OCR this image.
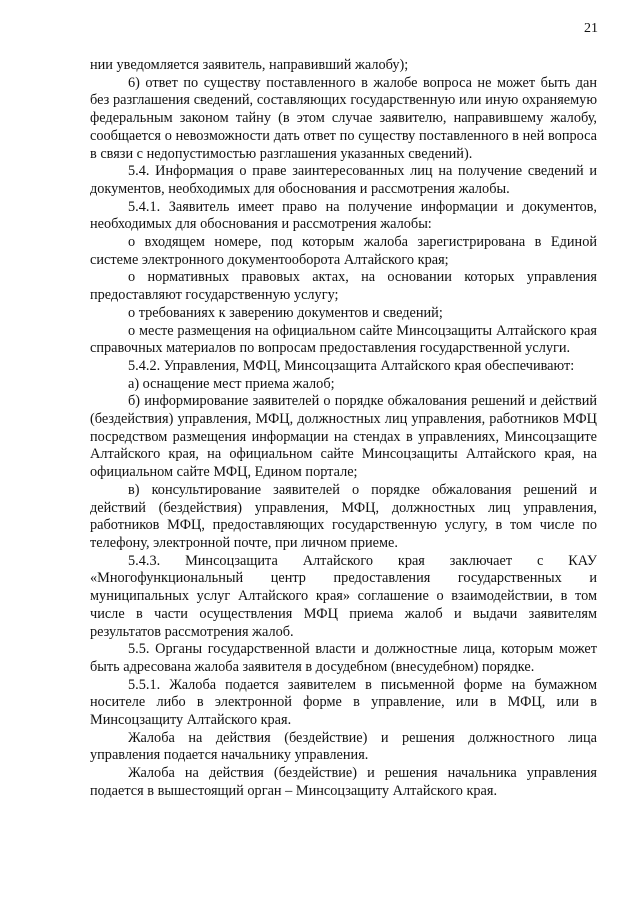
21

нии уведомляется заявитель, направивший жалобу);

6) ответ по существу поставленного в жалобе вопроса не может быть дан без разглашения сведений, составляющих государственную или иную охраняемую федеральным законом тайну (в этом случае заявителю, направившему жалобу, сообщается о невозможности дать ответ по существу поставленного в ней вопроса в связи с недопустимостью разглашения указанных сведений).

5.4. Информация о праве заинтересованных лиц на получение сведений и документов, необходимых для обоснования и рассмотрения жалобы.

5.4.1. Заявитель имеет право на получение информации и документов, необходимых для обоснования и рассмотрения жалобы:

о входящем номере, под которым жалоба зарегистрирована в Единой системе электронного документооборота Алтайского края;

о нормативных правовых актах, на основании которых управления предоставляют государственную услугу;

о требованиях к заверению документов и сведений;

о месте размещения на официальном сайте Минсоцзащиты Алтайского края справочных материалов по вопросам предоставления государственной услуги.

5.4.2. Управления, МФЦ, Минсоцзащита Алтайского края обеспечивают:

а) оснащение мест приема жалоб;

б) информирование заявителей о порядке обжалования решений и действий (бездействия) управления, МФЦ, должностных лиц управления, работников МФЦ посредством размещения информации на стендах в управлениях, Минсоцзащите Алтайского края, на официальном сайте Минсоцзащиты Алтайского края, на официальном сайте МФЦ, Едином портале;

в) консультирование заявителей о порядке обжалования решений и действий (бездействия) управления, МФЦ, должностных лиц управления, работников МФЦ, предоставляющих государственную услугу, в том числе по телефону, электронной почте, при личном приеме.

5.4.3. Минсоцзащита Алтайского края заключает с КАУ «Многофункциональный центр предоставления государственных и муниципальных услуг Алтайского края» соглашение о взаимодействии, в том числе в части осуществления МФЦ приема жалоб и выдачи заявителям результатов рассмотрения жалоб.

5.5. Органы государственной власти и должностные лица, которым может быть адресована жалоба заявителя в досудебном (внесудебном) порядке.

5.5.1. Жалоба подается заявителем в письменной форме на бумажном носителе либо в электронной форме в управление, или в МФЦ, или в Минсоцзащиту Алтайского края.

Жалоба на действия (бездействие) и решения должностного лица управления подается начальнику управления.

Жалоба на действия (бездействие) и решения начальника управления подается в вышестоящий орган – Минсоцзащиту Алтайского края.
